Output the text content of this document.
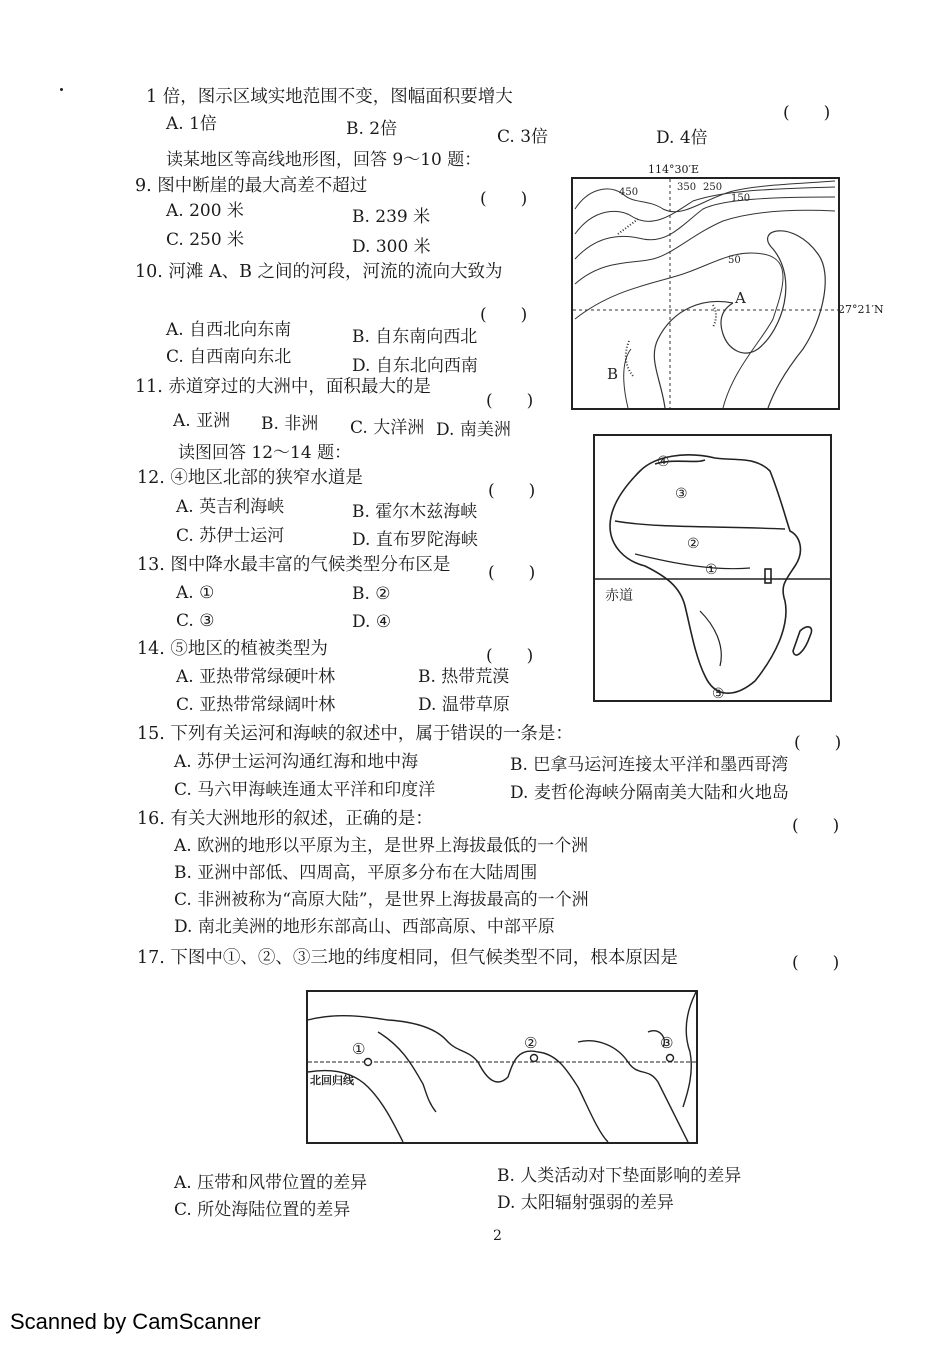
1 倍，图示区域实地范围不变，图幅面积要增大
(　　)
A. 1倍	B. 2倍	C. 3倍	D. 4倍
读某地区等高线地形图，回答 9～10 题：
9. 图中断崖的最大高差不超过
(　　)
A. 200 米	B. 239 米
C. 250 米	D. 300 米
10. 河滩 A、B 之间的河段，河流的流向大致为
(　　)
A. 自西北向东南	B. 自东南向西北
C. 自西南向东北	D. 自东北向西南
11. 赤道穿过的大洲中，面积最大的是
(　　)
A. 亚洲 B. 非洲 C. 大洋洲 D. 南美洲
读图回答 12～14 题：
12. ④地区北部的狭窄水道是
(　　)
A. 英吉利海峡	B. 霍尔木兹海峡
C. 苏伊士运河	D. 直布罗陀海峡
13. 图中降水最丰富的气候类型分布区是 (　　)
A. ①	B. ②
C. ③	D. ④
14. ⑤地区的植被类型为	(　　)
A. 亚热带常绿硬叶林	B. 热带荒漠
C. 亚热带常绿阔叶林	D. 温带草原
15. 下列有关运河和海峡的叙述中，属于错误的一条是：	(　　)
A. 苏伊士运河沟通红海和地中海	B. 巴拿马运河连接太平洋和墨西哥湾
C. 马六甲海峡连通太平洋和印度洋	D. 麦哲伦海峡分隔南美大陆和火地岛
16. 有关大洲地形的叙述，正确的是：	(　　)
A. 欧洲的地形以平原为主，是世界上海拔最低的一个洲
B. 亚洲中部低、四周高，平原多分布在大陆周围
C. 非洲被称为“高原大陆”，是世界上海拔最高的一个洲
D. 南北美洲的地形东部高山、西部高原、中部平原
17. 下图中①、②、③三地的纬度相同，但气候类型不同，根本原因是	(　　)
A. 压带和风带位置的差异	B. 人类活动对下垫面影响的差异
C. 所处海陆位置的差异	D. 太阳辐射强弱的差异
450	350 250
150
50
A
B
114°30′E
27°21′N
④
③
②
①
⑤
赤道
①	②	③
北回归线
2
Scanned by CamScanner
